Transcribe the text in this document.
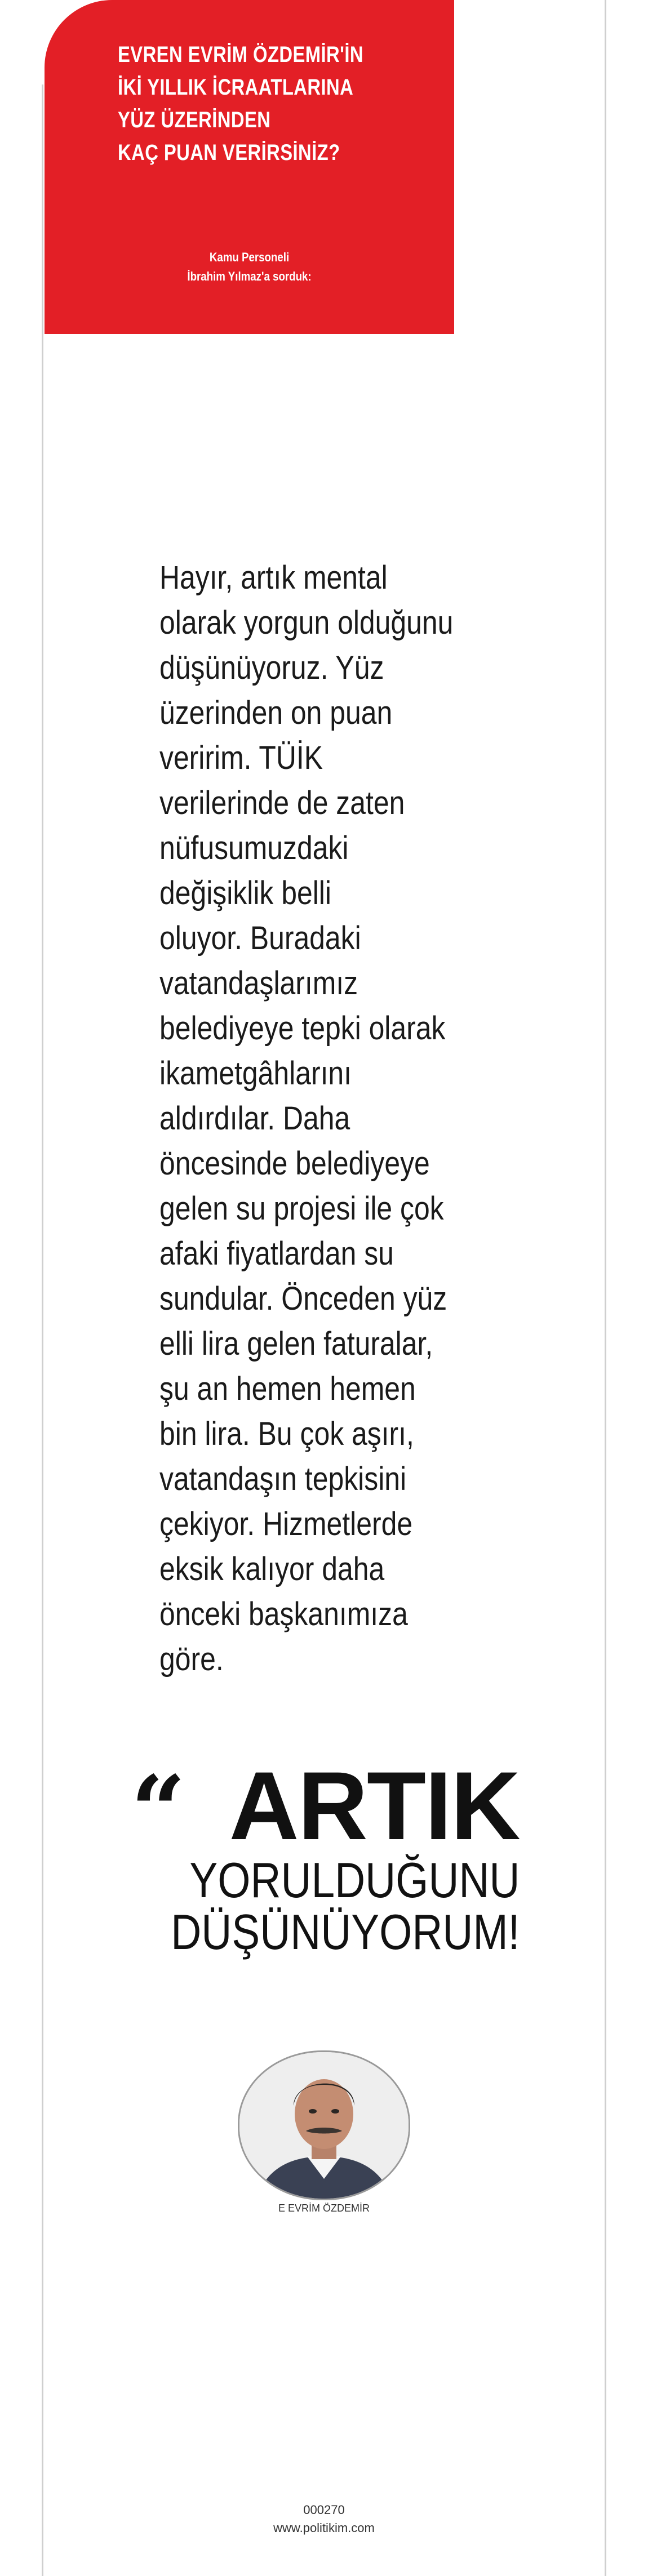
EVREN EVRİM ÖZDEMİR'İN
İKİ YILLIK İCRAATLARINA
YÜZ ÜZERİNDEN
KAÇ PUAN VERİRSİNİZ?
Kamu Personeli
İbrahim Yılmaz'a sorduk:
Hayır, artık mental
olarak yorgun olduğunu
düşünüyoruz. Yüz
üzerinden on puan
veririm. TÜİK
verilerinde de zaten
nüfusumuzdaki
değişiklik belli
oluyor. Buradaki
vatandaşlarımız
belediyeye tepki olarak
ikametgâhlarını
aldırdılar. Daha
öncesinde belediyeye
gelen su projesi ile çok
afaki fiyatlardan su
sundular. Önceden yüz
elli lira gelen faturalar,
şu an hemen hemen
bin lira. Bu çok aşırı,
vatandaşın tepkisini
çekiyor. Hizmetlerde
eksik kalıyor daha
önceki başkanımıza
göre.
“ ARTIK
YORULDUĞUNU
DÜŞÜNÜYORUM!
E EVRİM ÖZDEMİR
000270
www.politikim.com
